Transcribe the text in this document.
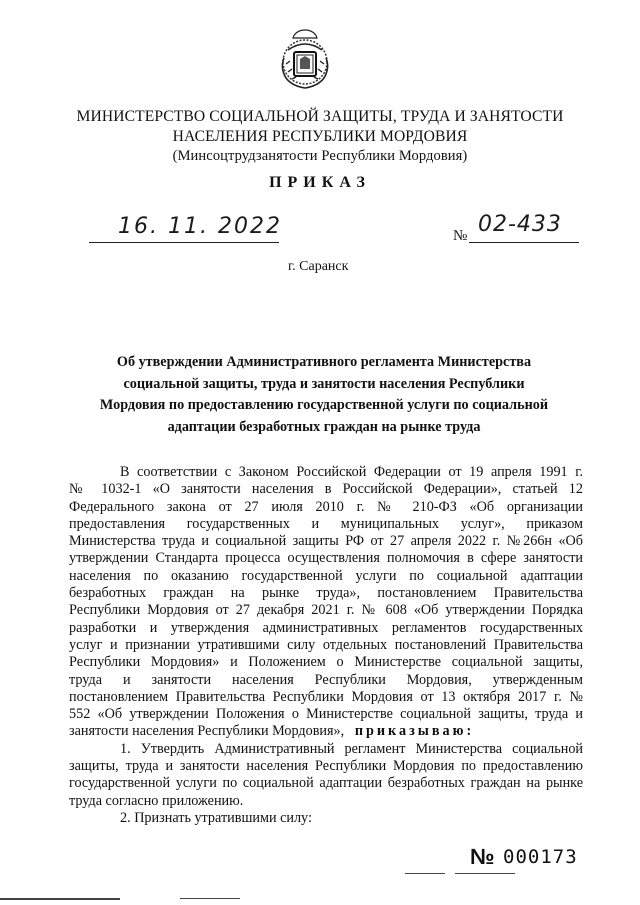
МИНИСТЕРСТВО СОЦИАЛЬНОЙ ЗАЩИТЫ, ТРУДА И ЗАНЯТОСТИ
НАСЕЛЕНИЯ РЕСПУБЛИКИ МОРДОВИЯ
(Минсоцтрудзанятости Республики Мордовия)
ПРИКАЗ
16. 11. 2022	№ 02-433
г. Саранск
Об утверждении Административного регламента Министерства
социальной защиты, труда и занятости населения Республики
Мордовия по предоставлению государственной услуги по социальной
адаптации безработных граждан на рынке труда
В соответствии с Законом Российской Федерации от 19 апреля 1991 г.
№ 1032-1 «О занятости населения в Российской Федерации», статьей 12
Федерального закона от 27 июля 2010 г. № 210-ФЗ «Об организации
предоставления государственных и муниципальных услуг», приказом
Министерства труда и социальной защиты РФ от 27 апреля 2022 г. №266н «Об
утверждении Стандарта процесса осуществления полномочия в сфере занятости
населения по оказанию государственной услуги по социальной адаптации
безработных граждан на рынке труда», постановлением Правительства
Республики Мордовия от 27 декабря 2021 г. № 608 «Об утверждении Порядка
разработки и утверждения административных регламентов государственных
услуг и признании утратившими силу отдельных постановлений Правительства
Республики Мордовия» и Положением о Министерстве социальной защиты,
труда и занятости населения Республики Мордовия, утвержденным
постановлением Правительства Республики Мордовия от 13 октября 2017 г. №
552 «Об утверждении Положения о Министерстве социальной защиты, труда и
занятости населения Республики Мордовия», приказываю:
1. Утвердить Административный регламент Министерства социальной
защиты, труда и занятости населения Республики Мордовия по предоставлению
государственной услуги по социальной адаптации безработных граждан на рынке
труда согласно приложению.
2. Признать утратившими силу:
№ 000173
